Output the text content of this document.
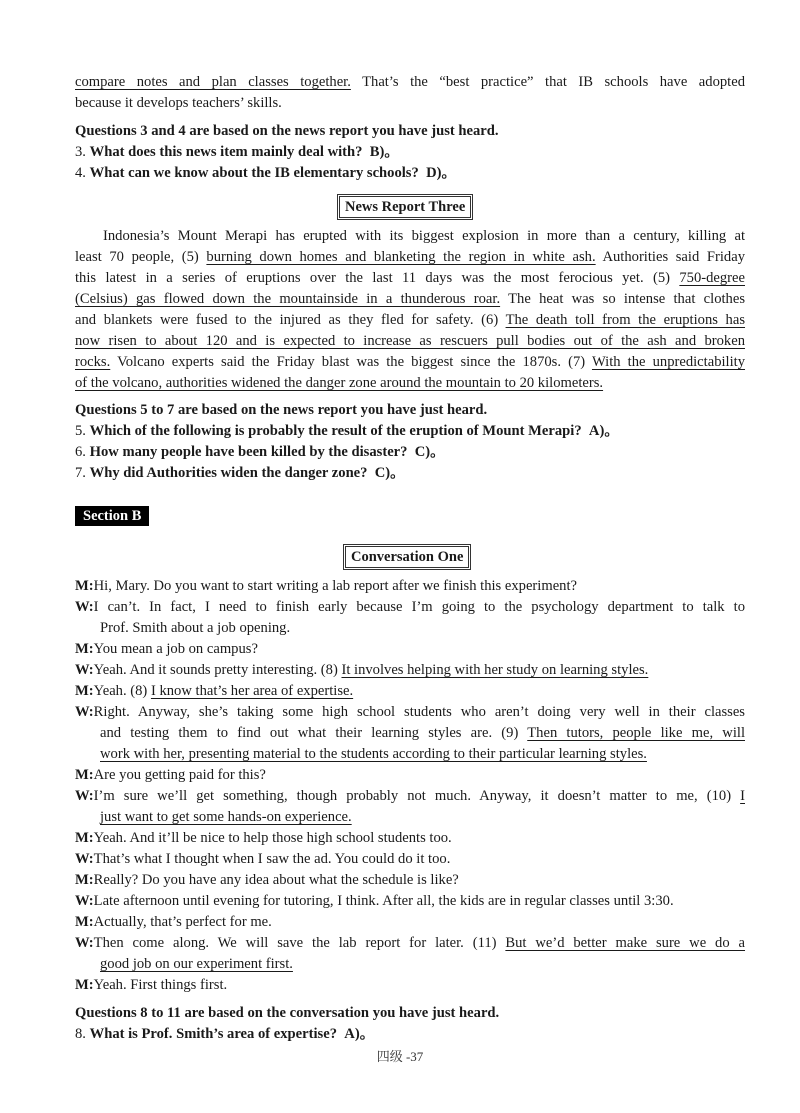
compare notes and plan classes together. That’s the “best practice” that IB schools have adopted
because it develops teachers’ skills.
Questions 3 and 4 are based on the news report you have just heard.
3. What does this news item mainly deal with? B)。
4. What can we know about the IB elementary schools? D)。
News Report Three
Indonesia’s Mount Merapi has erupted with its biggest explosion in more than a century, killing at
least 70 people, (5) burning down homes and blanketing the region in white ash. Authorities said Friday
this latest in a series of eruptions over the last 11 days was the most ferocious yet. (5) 750-degree
(Celsius) gas flowed down the mountainside in a thunderous roar. The heat was so intense that clothes
and blankets were fused to the injured as they fled for safety. (6) The death toll from the eruptions has
now risen to about 120 and is expected to increase as rescuers pull bodies out of the ash and broken
rocks. Volcano experts said the Friday blast was the biggest since the 1870s. (7) With the unpredictability
of the volcano, authorities widened the danger zone around the mountain to 20 kilometers.
Questions 5 to 7 are based on the news report you have just heard.
5. Which of the following is probably the result of the eruption of Mount Merapi? A)。
6. How many people have been killed by the disaster? C)。
7. Why did Authorities widen the danger zone? C)。
Section B
Conversation One
M:Hi, Mary. Do you want to start writing a lab report after we finish this experiment?
W:I can’t. In fact, I need to finish early because I’m going to the psychology department to talk to
Prof. Smith about a job opening.
M:You mean a job on campus?
W:Yeah. And it sounds pretty interesting. (8) It involves helping with her study on learning styles.
M:Yeah. (8) I know that’s her area of expertise.
W:Right. Anyway, she’s taking some high school students who aren’t doing very well in their classes
and testing them to find out what their learning styles are. (9) Then tutors, people like me, will
work with her, presenting material to the students according to their particular learning styles.
M:Are you getting paid for this?
W:I’m sure we’ll get something, though probably not much. Anyway, it doesn’t matter to me, (10) I
just want to get some hands-on experience.
M:Yeah. And it’ll be nice to help those high school students too.
W:That’s what I thought when I saw the ad. You could do it too.
M:Really? Do you have any idea about what the schedule is like?
W:Late afternoon until evening for tutoring, I think. After all, the kids are in regular classes until 3:30.
M:Actually, that’s perfect for me.
W:Then come along. We will save the lab report for later. (11) But we’d better make sure we do a
good job on our experiment first.
M:Yeah. First things first.
Questions 8 to 11 are based on the conversation you have just heard.
8. What is Prof. Smith’s area of expertise? A)。
四级 -37
